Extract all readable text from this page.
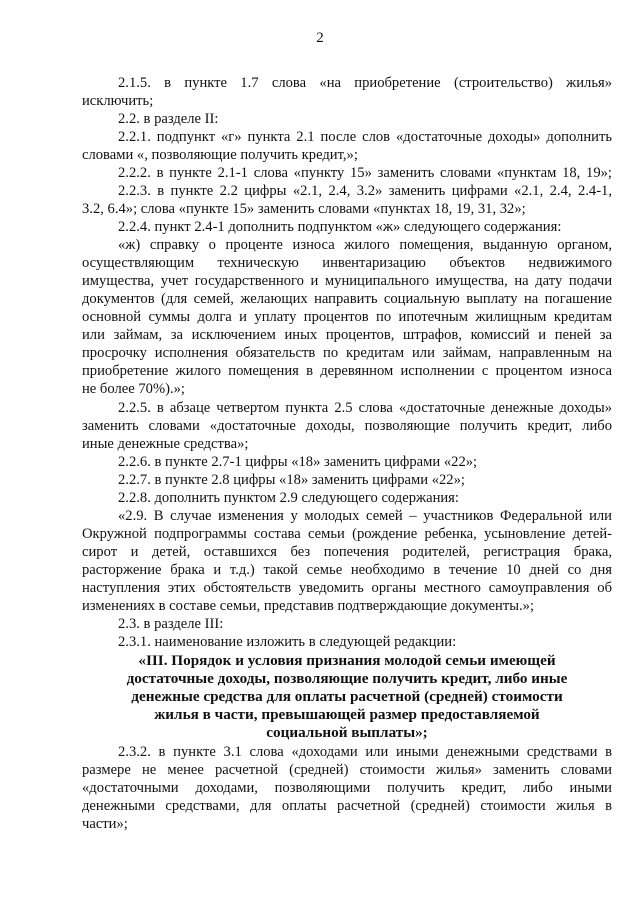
2
2.1.5. в пункте 1.7 слова «на приобретение (строительство) жилья»
исключить;
2.2. в разделе II:
2.2.1. подпункт «г» пункта 2.1 после слов «достаточные доходы» дополнить
словами «, позволяющие получить кредит,»;
2.2.2. в пункте 2.1-1 слова «пункту 15» заменить словами «пунктам 18, 19»;
2.2.3. в пункте 2.2 цифры «2.1, 2.4, 3.2» заменить цифрами «2.1, 2.4, 2.4-1,
3.2, 6.4»; слова «пункте 15» заменить словами «пунктах 18, 19, 31, 32»;
2.2.4. пункт 2.4-1 дополнить подпунктом «ж» следующего содержания:
«ж) справку о проценте износа жилого помещения, выданную органом,
осуществляющим техническую инвентаризацию объектов недвижимого
имущества, учет государственного и муниципального имущества, на дату подачи
документов (для семей, желающих направить социальную выплату на погашение
основной суммы долга и уплату процентов по ипотечным жилищным кредитам
или займам, за исключением иных процентов, штрафов, комиссий и пеней за
просрочку исполнения обязательств по кредитам или займам, направленным на
приобретение жилого помещения в деревянном исполнении с процентом износа
не более 70%).»;
2.2.5. в абзаце четвертом пункта 2.5 слова «достаточные денежные доходы»
заменить словами «достаточные доходы, позволяющие получить кредит, либо
иные денежные средства»;
2.2.6. в пункте 2.7-1 цифры «18» заменить цифрами «22»;
2.2.7. в пункте 2.8 цифры «18» заменить цифрами «22»;
2.2.8. дополнить пунктом 2.9 следующего содержания:
«2.9. В случае изменения у молодых семей – участников Федеральной или
Окружной подпрограммы состава семьи (рождение ребенка, усыновление детей-
сирот и детей, оставшихся без попечения родителей, регистрация брака,
расторжение брака и т.д.) такой семье необходимо в течение 10 дней со дня
наступления этих обстоятельств уведомить органы местного самоуправления об
изменениях в составе семьи, представив подтверждающие документы.»;
2.3. в разделе III:
2.3.1. наименование изложить в следующей редакции:
«III. Порядок и условия признания молодой семьи имеющей
достаточные доходы, позволяющие получить кредит, либо иные
денежные средства для оплаты расчетной (средней) стоимости
жилья в части, превышающей размер предоставляемой
социальной выплаты»;
2.3.2. в пункте 3.1 слова «доходами или иными денежными средствами в
размере не менее расчетной (средней) стоимости жилья» заменить словами
«достаточными доходами, позволяющими получить кредит, либо иными
денежными средствами, для оплаты расчетной (средней) стоимости жилья в
части»;
